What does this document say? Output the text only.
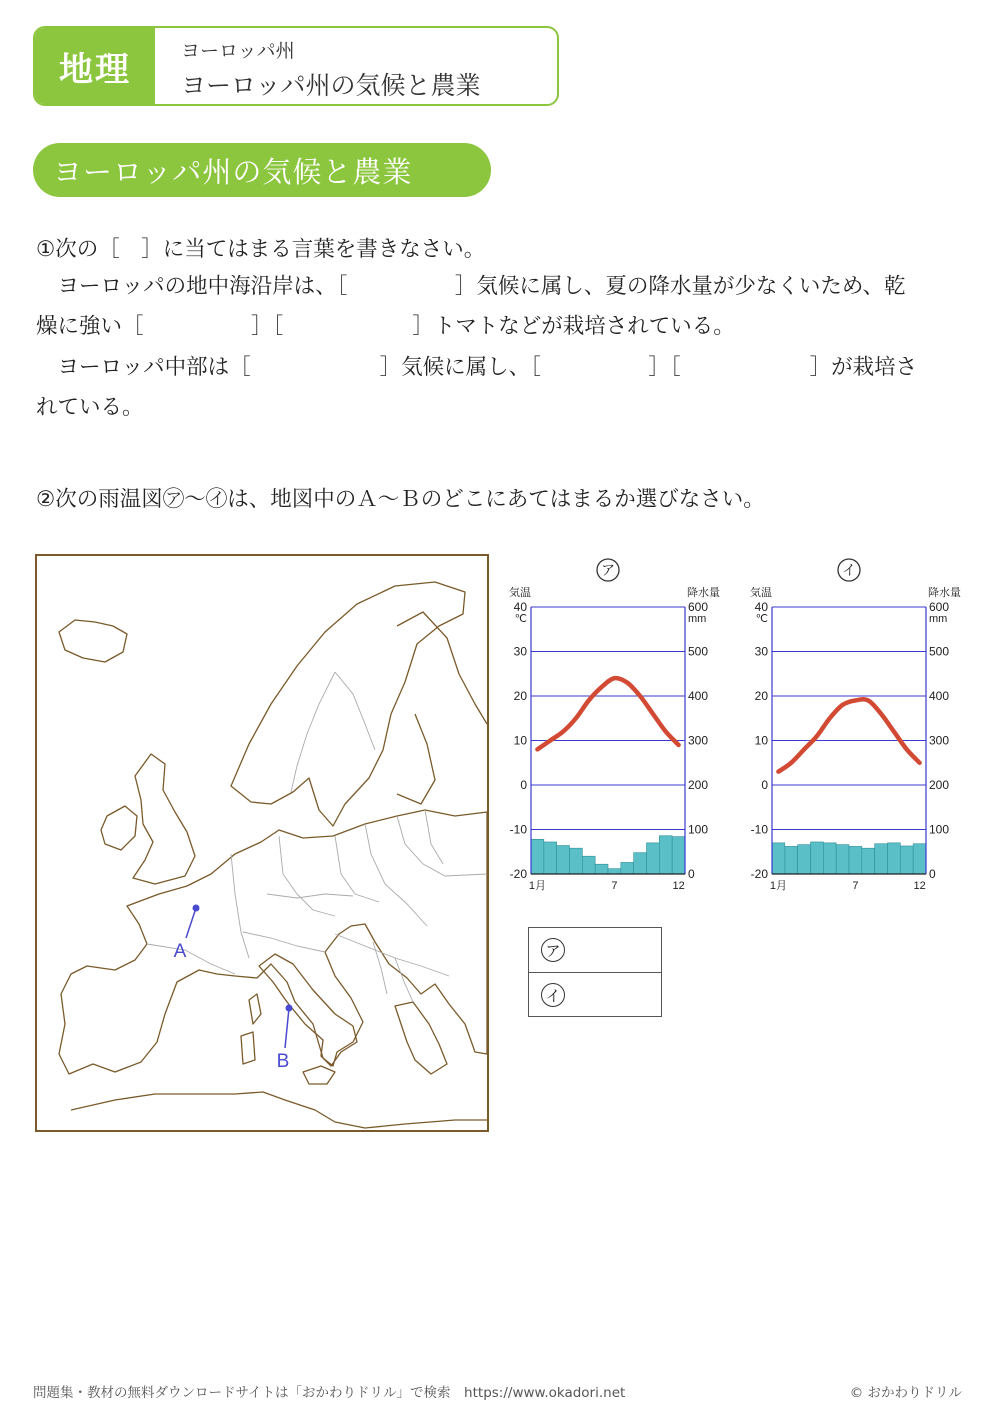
地理	ヨーロッパ州
ヨーロッパ州の気候と農業
ヨーロッパ州の気候と農業
①次の［　］に当てはまる言葉を書きなさい。
　ヨーロッパの地中海沿岸は、［　　　　　］気候に属し、夏の降水量が少なくいため、乾
燥に強い［　　　　　］［　　　　　　］トマトなどが栽培されている。
　ヨーロッパ中部は［　　　　　　］気候に属し、［　　　　　］［　　　　　　］が栽培さ
れている。
②次の雨温図㋐〜㋑は、地図中のＡ〜Ｂのどこにあてはまるか選びなさい。
A
B
ア
気温	降水量
40
30
20
10
0
-10
-20
600
500
400
300
200
100
0
℃	mm
1月	7	12
イ
気温	降水量
40
30
20
10
0
-10
-20
600
500
400
300
200
100
0
℃	mm
1月	7	12
ア
イ
問題集・教材の無料ダウンロードサイトは「おかわりドリル」で検索　https://www.okadori.net	© おかわりドリル
